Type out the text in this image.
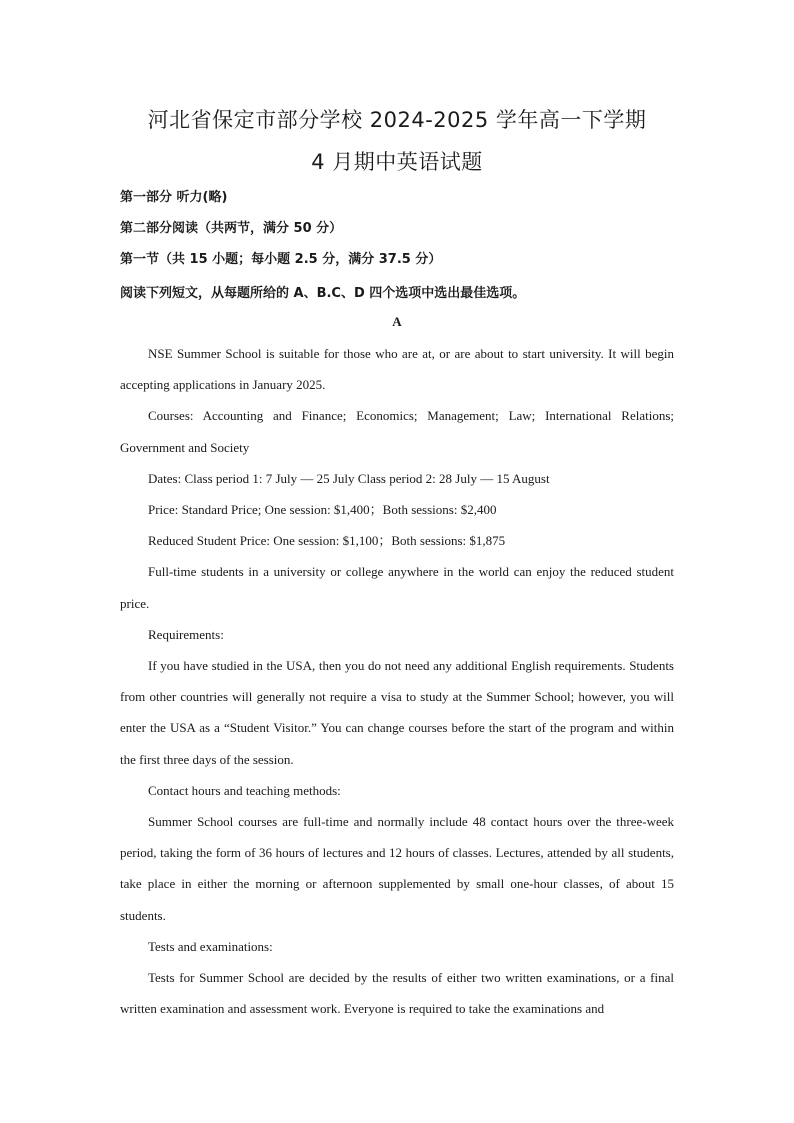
河北省保定市部分学校 2024-2025 学年高一下学期
4 月期中英语试题
第一部分 听力(略)
第二部分阅读（共两节，满分 50 分）
第一节（共 15 小题；每小题 2.5 分，满分 37.5 分）
阅读下列短文，从每题所给的 A、B.C、D 四个选项中选出最佳选项。
A

NSE Summer School is suitable for those who are at, or are about to start university. It will begin accepting applications in January 2025.

Courses: Accounting and Finance; Economics; Management; Law; International Relations; Government and Society

Dates: Class period 1: 7 July — 25 July Class period 2: 28 July — 15 August

Price: Standard Price; One session: $1,400；Both sessions: $2,400

Reduced Student Price: One session: $1,100；Both sessions: $1,875

Full-time students in a university or college anywhere in the world can enjoy the reduced student price.

Requirements:

If you have studied in the USA, then you do not need any additional English requirements. Students from other countries will generally not require a visa to study at the Summer School; however, you will enter the USA as a “Student Visitor.” You can change courses before the start of the program and within the first three days of the session.

Contact hours and teaching methods:

Summer School courses are full-time and normally include 48 contact hours over the three-week period, taking the form of 36 hours of lectures and 12 hours of classes. Lectures, attended by all students, take place in either the morning or afternoon supplemented by small one-hour classes, of about 15 students.

Tests and examinations:

Tests for Summer School are decided by the results of either two written examinations, or a final written examination and assessment work. Everyone is required to take the examinations and
